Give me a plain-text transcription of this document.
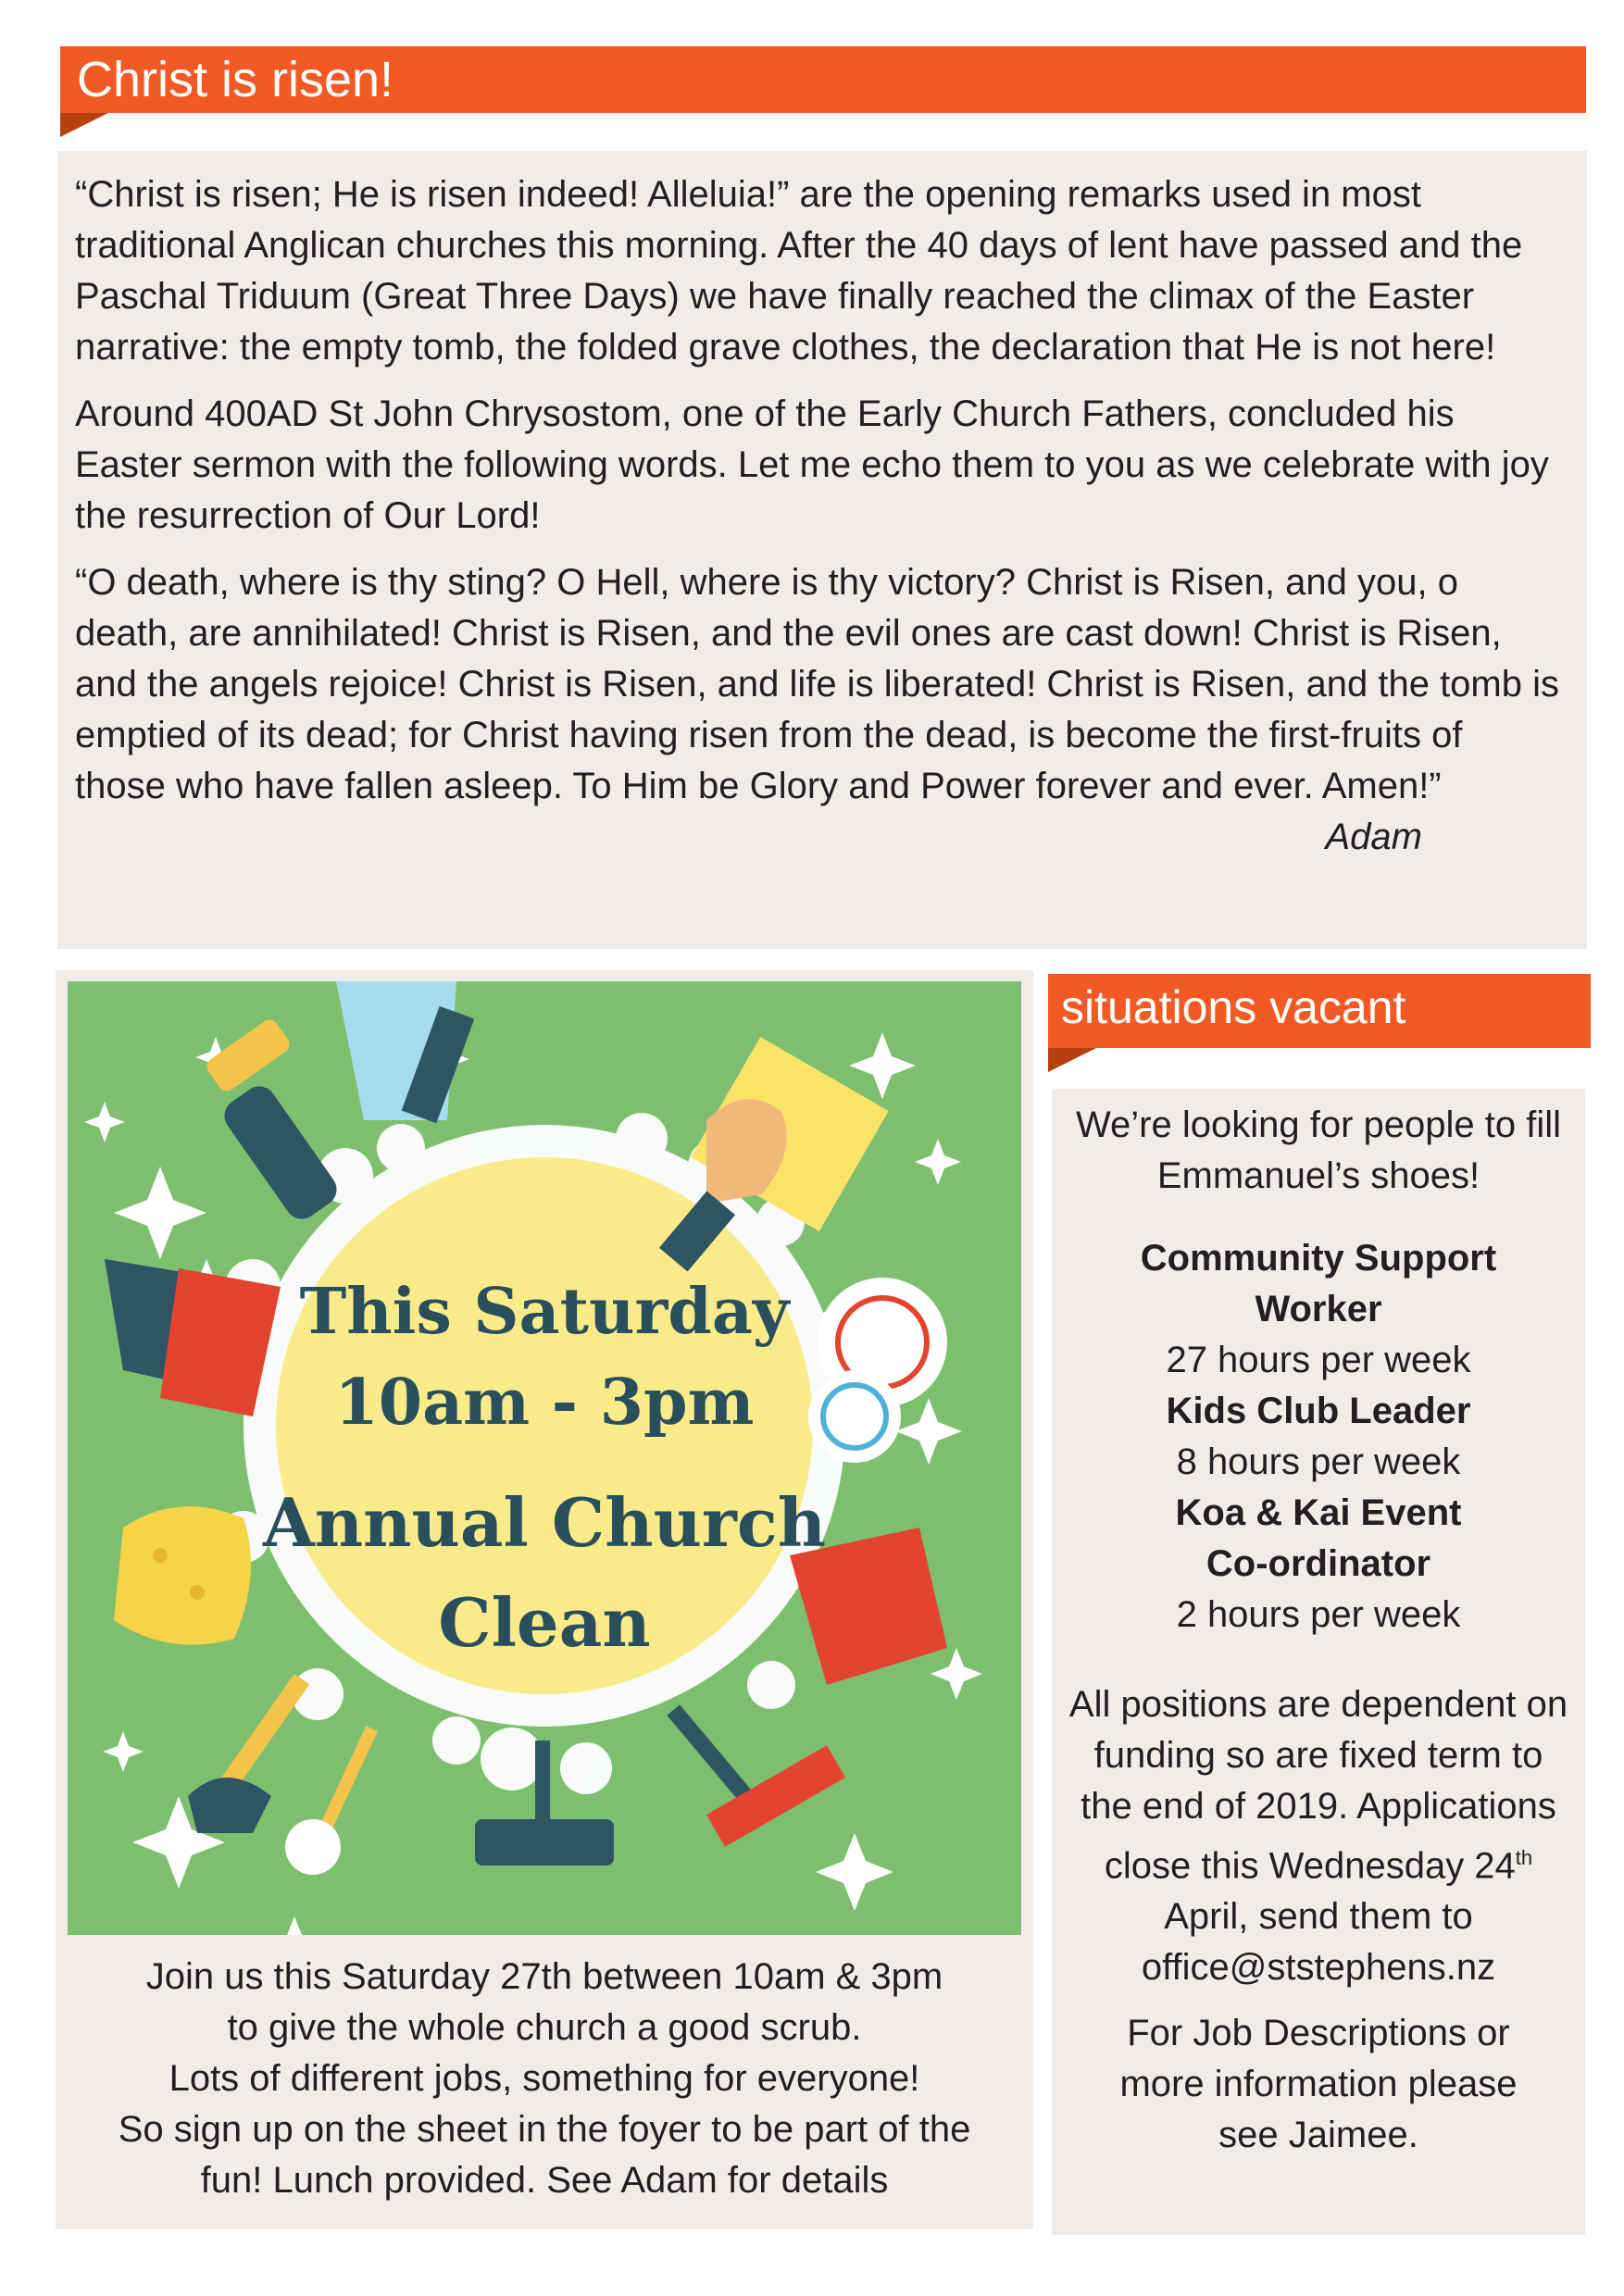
Christ is risen!

“Christ is risen; He is risen indeed! Alleluia!” are the opening remarks used in most traditional Anglican churches this morning. After the 40 days of lent have passed and the Paschal Triduum (Great Three Days) we have finally reached the climax of the Easter narrative: the empty tomb, the folded grave clothes, the declaration that He is not here!

Around 400AD St John Chrysostom, one of the Early Church Fathers, concluded his Easter sermon with the following words. Let me echo them to you as we celebrate with joy the resurrection of Our Lord!

“O death, where is thy sting? O Hell, where is thy victory? Christ is Risen, and you, o death, are annihilated! Christ is Risen, and the evil ones are cast down! Christ is Risen, and the angels rejoice! Christ is Risen, and life is liberated! Christ is Risen, and the tomb is emptied of its dead; for Christ having risen from the dead, is become the first-fruits of those who have fallen asleep. To Him be Glory and Power forever and ever. Amen!”
Adam

This Saturday
10am - 3pm
Annual Church
Clean
Join us this Saturday 27th between 10am & 3pm
to give the whole church a good scrub.
Lots of different jobs, something for everyone!
So sign up on the sheet in the foyer to be part of the
fun! Lunch provided. See Adam for details
situations vacant

We’re looking for people to fill Emmanuel’s shoes!

Community Support Worker

27 hours per week

Kids Club Leader

8 hours per week

Koa & Kai Event Co-ordinator

2 hours per week

All positions are dependent on funding so are fixed term to the end of 2019. Applications close this Wednesday 24th April, send them to

office@ststephens.nz

For Job Descriptions or more information please see Jaimee.
